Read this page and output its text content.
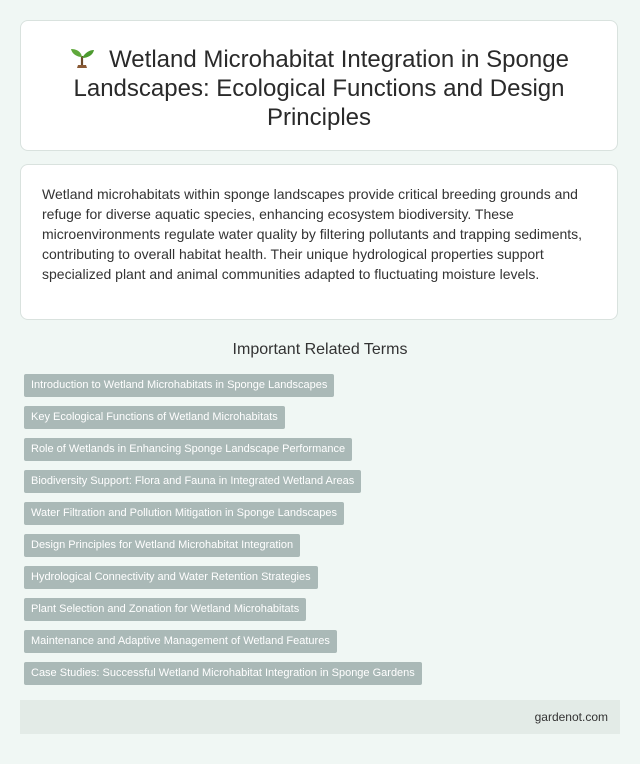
Wetland Microhabitat Integration in Sponge Landscapes: Ecological Functions and Design Principles

Wetland microhabitats within sponge landscapes provide critical breeding grounds and refuge for diverse aquatic species, enhancing ecosystem biodiversity. These microenvironments regulate water quality by filtering pollutants and trapping sediments, contributing to overall habitat health. Their unique hydrological properties support specialized plant and animal communities adapted to fluctuating moisture levels.

Important Related Terms
Introduction to Wetland Microhabitats in Sponge Landscapes
Key Ecological Functions of Wetland Microhabitats
Role of Wetlands in Enhancing Sponge Landscape Performance
Biodiversity Support: Flora and Fauna in Integrated Wetland Areas
Water Filtration and Pollution Mitigation in Sponge Landscapes
Design Principles for Wetland Microhabitat Integration
Hydrological Connectivity and Water Retention Strategies
Plant Selection and Zonation for Wetland Microhabitats
Maintenance and Adaptive Management of Wetland Features
Case Studies: Successful Wetland Microhabitat Integration in Sponge Gardens
gardenot.com
